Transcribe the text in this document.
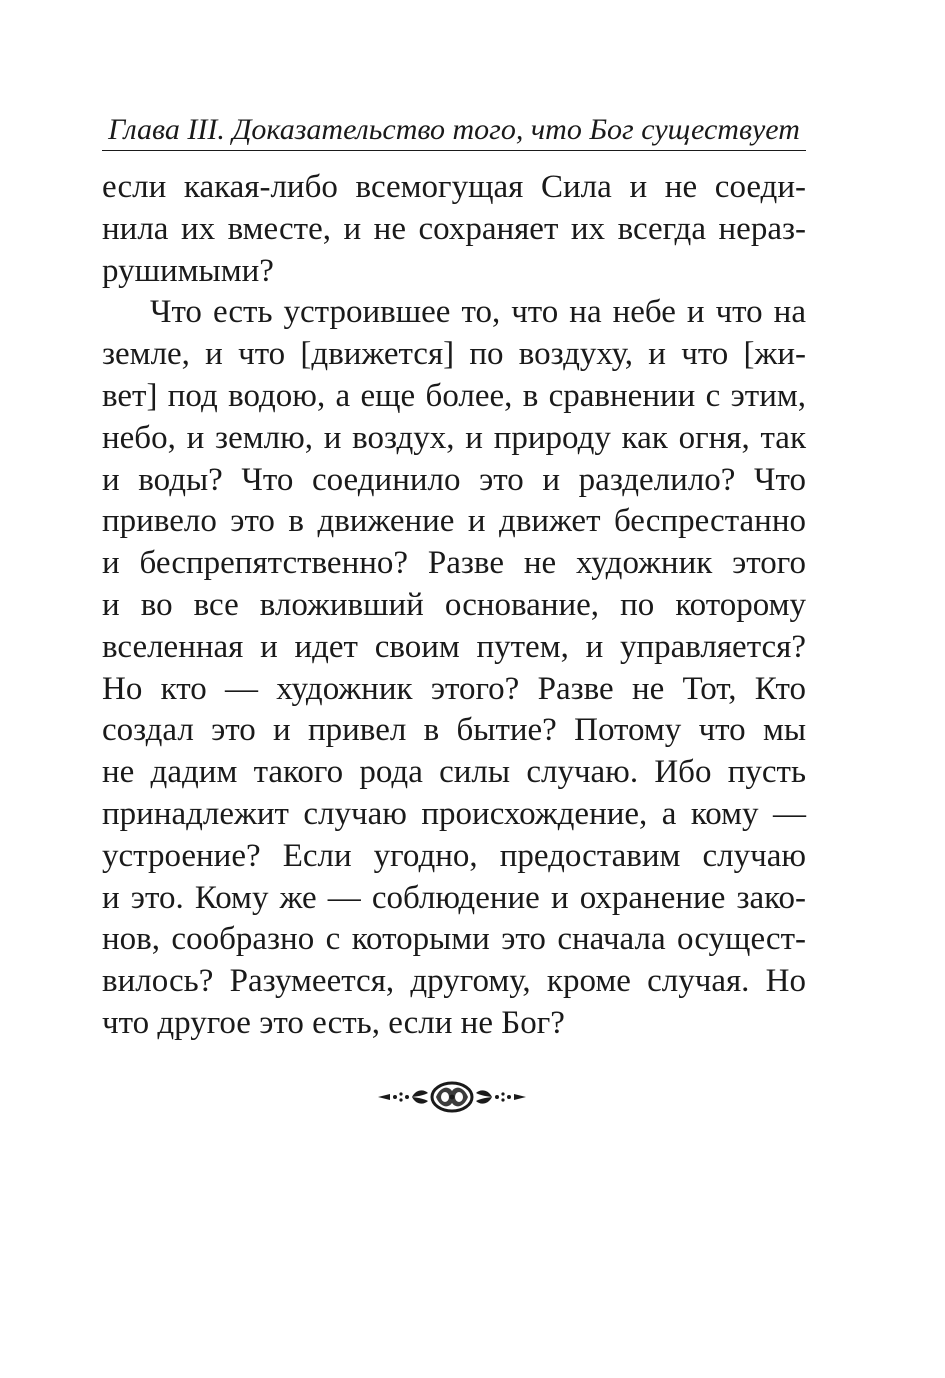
Глава III. Доказательство того, что Бог существует
если какая-либо всемогущая Сила и не соеди-
нила их вместе, и не сохраняет их всегда нераз-
рушимыми?
Что есть устроившее то, что на небе и что на
земле, и что [движется] по воздуху, и что [жи-
вет] под водою, а еще более, в сравнении с этим,
небо, и землю, и воздух, и природу как огня, так
и воды? Что соединило это и разделило? Что
привело это в движение и движет беспрестанно
и беспрепятственно? Разве не художник этого
и во все вложивший основание, по которому
вселенная и идет своим путем, и управляется?
Но кто — художник этого? Разве не Тот, Кто
создал это и привел в бытие? Потому что мы
не дадим такого рода силы случаю. Ибо пусть
принадлежит случаю происхождение, а кому —
устроение? Если угодно, предоставим случаю
и это. Кому же — соблюдение и охранение зако-
нов, сообразно с которыми это сначала осущест-
вилось? Разумеется, другому, кроме случая. Но
что другое это есть, если не Бог?
